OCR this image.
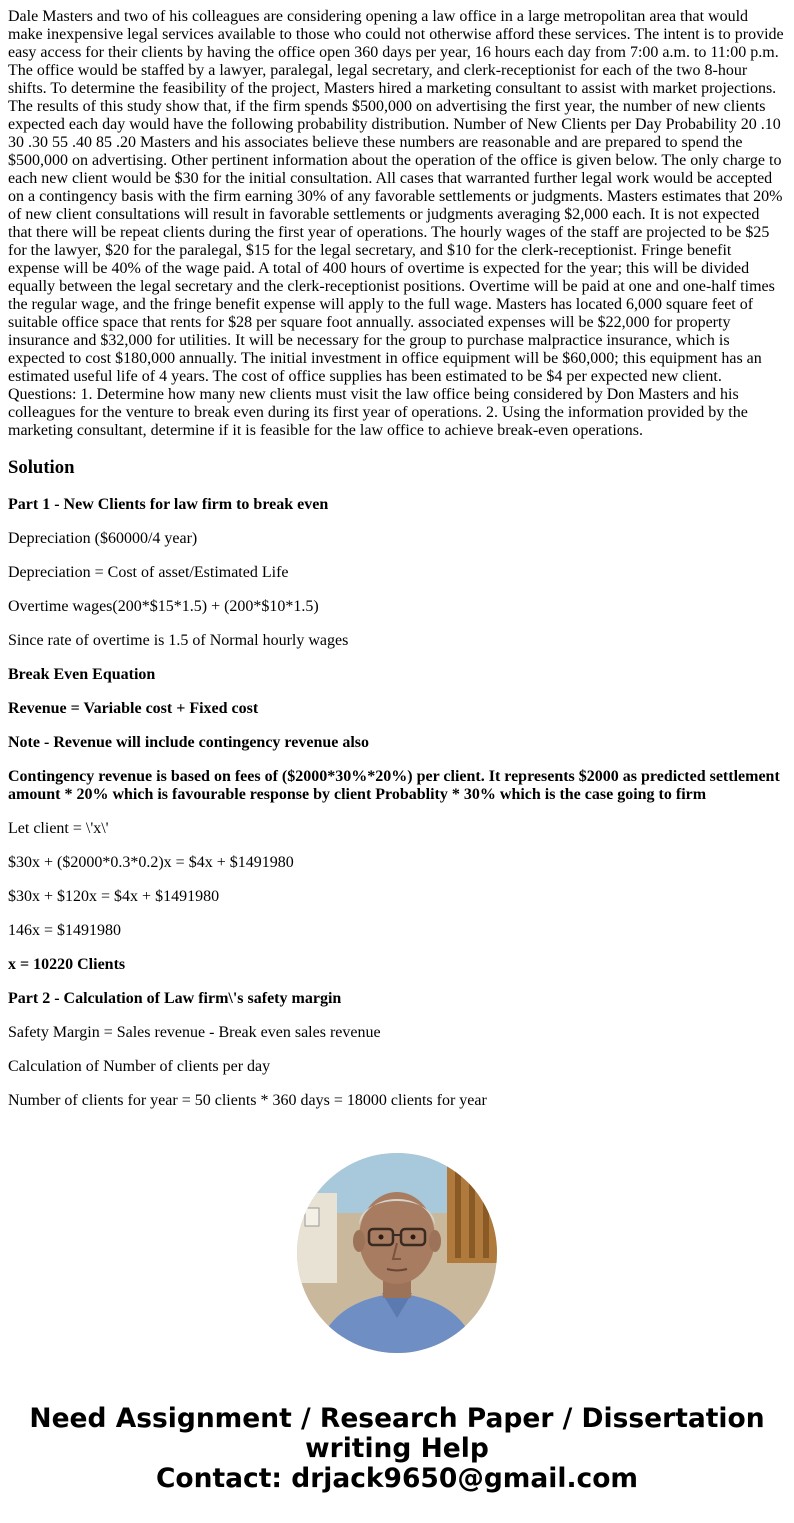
Dale Masters and two of his colleagues are considering opening a law office in a large metropolitan area that would make inexpensive legal services available to those who could not otherwise afford these services. The intent is to provide easy access for their clients by having the office open 360 days per year, 16 hours each day from 7:00 a.m. to 11:00 p.m. The office would be staffed by a lawyer, paralegal, legal secretary, and clerk-receptionist for each of the two 8-hour shifts. To determine the feasibility of the project, Masters hired a marketing consultant to assist with market projections. The results of this study show that, if the firm spends $500,000 on advertising the first year, the number of new clients expected each day would have the following probability distribution. Number of New Clients per Day Probability 20 .10 30 .30 55 .40 85 .20 Masters and his associates believe these numbers are reasonable and are prepared to spend the $500,000 on advertising. Other pertinent information about the operation of the office is given below. The only charge to each new client would be $30 for the initial consultation. All cases that warranted further legal work would be accepted on a contingency basis with the firm earning 30% of any favorable settlements or judgments. Masters estimates that 20% of new client consultations will result in favorable settlements or judgments averaging $2,000 each. It is not expected that there will be repeat clients during the first year of operations. The hourly wages of the staff are projected to be $25 for the lawyer, $20 for the paralegal, $15 for the legal secretary, and $10 for the clerk-receptionist. Fringe benefit expense will be 40% of the wage paid. A total of 400 hours of overtime is expected for the year; this will be divided equally between the legal secretary and the clerk-receptionist positions. Overtime will be paid at one and one-half times the regular wage, and the fringe benefit expense will apply to the full wage. Masters has located 6,000 square feet of suitable office space that rents for $28 per square foot annually. associated expenses will be $22,000 for property insurance and $32,000 for utilities. It will be necessary for the group to purchase malpractice insurance, which is expected to cost $180,000 annually. The initial investment in office equipment will be $60,000; this equipment has an estimated useful life of 4 years. The cost of office supplies has been estimated to be $4 per expected new client. Questions: 1. Determine how many new clients must visit the law office being considered by Don Masters and his colleagues for the venture to break even during its first year of operations. 2. Using the information provided by the marketing consultant, determine if it is feasible for the law office to achieve break-even operations.

Solution

Part 1 - New Clients for law firm to break even

Depreciation ($60000/4 year)

Depreciation = Cost of asset/Estimated Life

Overtime wages(200*$15*1.5) + (200*$10*1.5)

Since rate of overtime is 1.5 of Normal hourly wages

Break Even Equation

Revenue = Variable cost + Fixed cost

Note - Revenue will include contingency revenue also

Contingency revenue is based on fees of ($2000*30%*20%) per client. It represents $2000 as predicted settlement amount * 20% which is favourable response by client Probablity * 30% which is the case going to firm

Let client = \'x\'

$30x + ($2000*0.3*0.2)x = $4x + $1491980

$30x + $120x = $4x + $1491980

146x = $1491980

x = 10220 Clients

Part 2 - Calculation of Law firm\'s safety margin

Safety Margin = Sales revenue - Break even sales revenue

Calculation of Number of clients per day

Number of clients for year = 50 clients * 360 days = 18000 clients for year

Need Assignment / Research Paper / Dissertation
writing Help
Contact: drjack9650@gmail.com
